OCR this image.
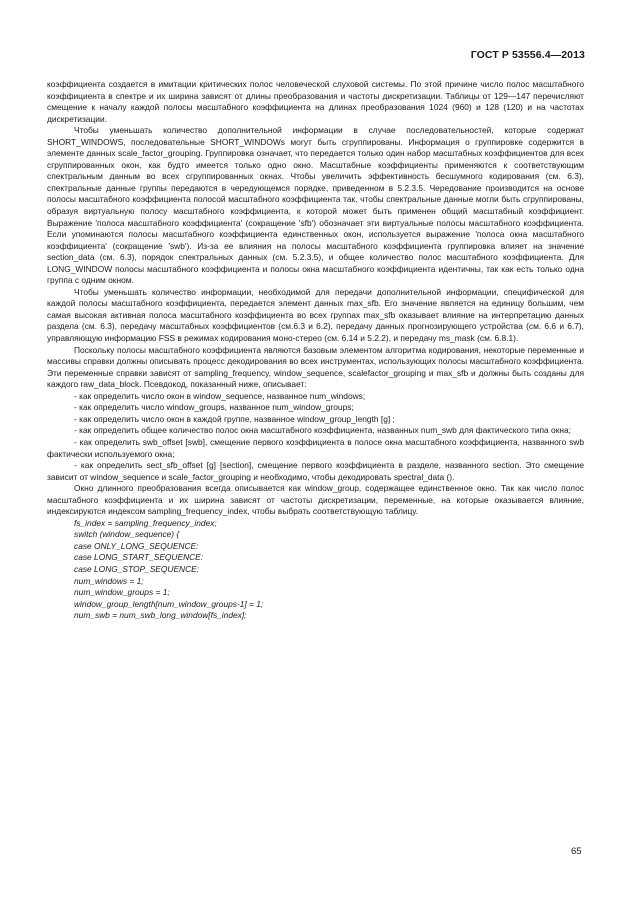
ГОСТ Р 53556.4—2013

коэффициента создается в имитации критических полос человеческой слуховой системы. По этой причине число полос масштабного коэффициента в спектре и их ширина зависят от длины преобразования и частоты дискретизации. Таблицы от 129—147 перечисляют смещение к началу каждой полосы масштабного коэффициента на длинах преобразования 1024 (960) и 128 (120) и на частотах дискретизации.

Чтобы уменьшать количество дополнительной информации в случае последовательностей, которые содержат SHORT_WINDOWS, последовательные SHORT_WINDOWs могут быть сгруппированы. Информация о группировке содержится в элементе данных scale_factor_grouping. Группировка означает, что передается только один набор масштабных коэффициентов для всех сгруппированных окон, как будто имеется только одно окно. Масштабные коэффициенты применяются к соответствующим спектральным данным во всех сгруппированных окнах. Чтобы увеличить эффективность бесшумного кодирования (см. 6.3), спектральные данные группы передаются в чередующемся порядке, приведенном в 5.2.3.5. Чередование производится на основе полосы масштабного коэффициента полосой масштабного коэффициента так, чтобы спектральные данные могли быть сгруппированы, образуя виртуальную полосу масштабного коэффициента, к которой может быть применен общий масштабный коэффициент. Выражение 'полоса масштабного коэффициента' (сокращение 'sfb') обозначает эти виртуальные полосы масштабного коэффициента. Если упоминаются полосы масштабного коэффициента единственных окон, используется выражение 'полоса окна масштабного коэффициента' (сокращение 'swb'). Из-за ее влияния на полосы масштабного коэффициента группировка влияет на значение section_data (см. 6.3), порядок спектральных данных (см. 5.2.3.5), и общее количество полос масштабного коэффициента. Для LONG_WINDOW полосы масштабного коэффициента и полосы окна масштабного коэффициента идентичны, так как есть только одна группа с одним окном.

Чтобы уменьшать количество информации, необходимой для передачи дополнительной информации, специфической для каждой полосы масштабного коэффициента, передается элемент данных max_sfb. Его значение является на единицу большим, чем самая высокая активная полоса масштабного коэффициента во всех группах max_sfb оказывает влияние на интерпретацию данных раздела (см. 6.3), передачу масштабных коэффициентов (см.6.3 и 6.2), передачу данных прогнозирующего устройства (см. 6.6 и 6.7), управляющую информацию FSS в режимах кодирования моно-стерео (см. 6.14 и 5.2.2), и передачу ms_mask (см. 6.8.1).

Поскольку полосы масштабного коэффициента являются базовым элементом алгоритма кодирования, некоторые переменные и массивы справки должны описывать процесс декодирования во всех инструментах, использующих полосы масштабного коэффициента. Эти переменные справки зависят от sampling_frequency, window_sequence, scalefactor_grouping и max_sfb и должны быть созданы для каждого raw_data_block. Псевдокод, показанный ниже, описывает:

- как определить число окон в window_sequence, названное num_windows;

- как определить число window_groups, названное num_window_groups;

- как определить число окон в каждой группе, названное window_group_length [g] ;

- как определить общее количество полос окна масштабного коэффициента, названных num_swb для фактического типа окна;

- как определить swb_offset [swb], смещение первого коэффициента в полосе окна масштабного коэффициента, названного swb фактически используемого окна;

- как определить sect_sfb_offset [g] [section], смещение первого коэффициента в разделе, названного section. Это смещение зависит от window_sequence и scale_factor_grouping и необходимо, чтобы декодировать spectral_data ().

Окно длинного преобразования всегда описывается как window_group, содержащее единственное окно. Так как число полос масштабного коэффициента и их ширина зависят от частоты дискретизации, переменные, на которые оказывается влияние, индексируются индексом sampling_frequency_index, чтобы выбрать соответствующую таблицу.

fs_index = sampling_frequency_index;
switch (window_sequence) {
case ONLY_LONG_SEQUENCE:
case LONG_START_SEQUENCE:
case LONG_STOP_SEQUENCE:
num_windows = 1;
num_window_groups = 1;
window_group_length[num_window_groups-1] = 1;
num_swb = num_swb_long_window[fs_index];
65
